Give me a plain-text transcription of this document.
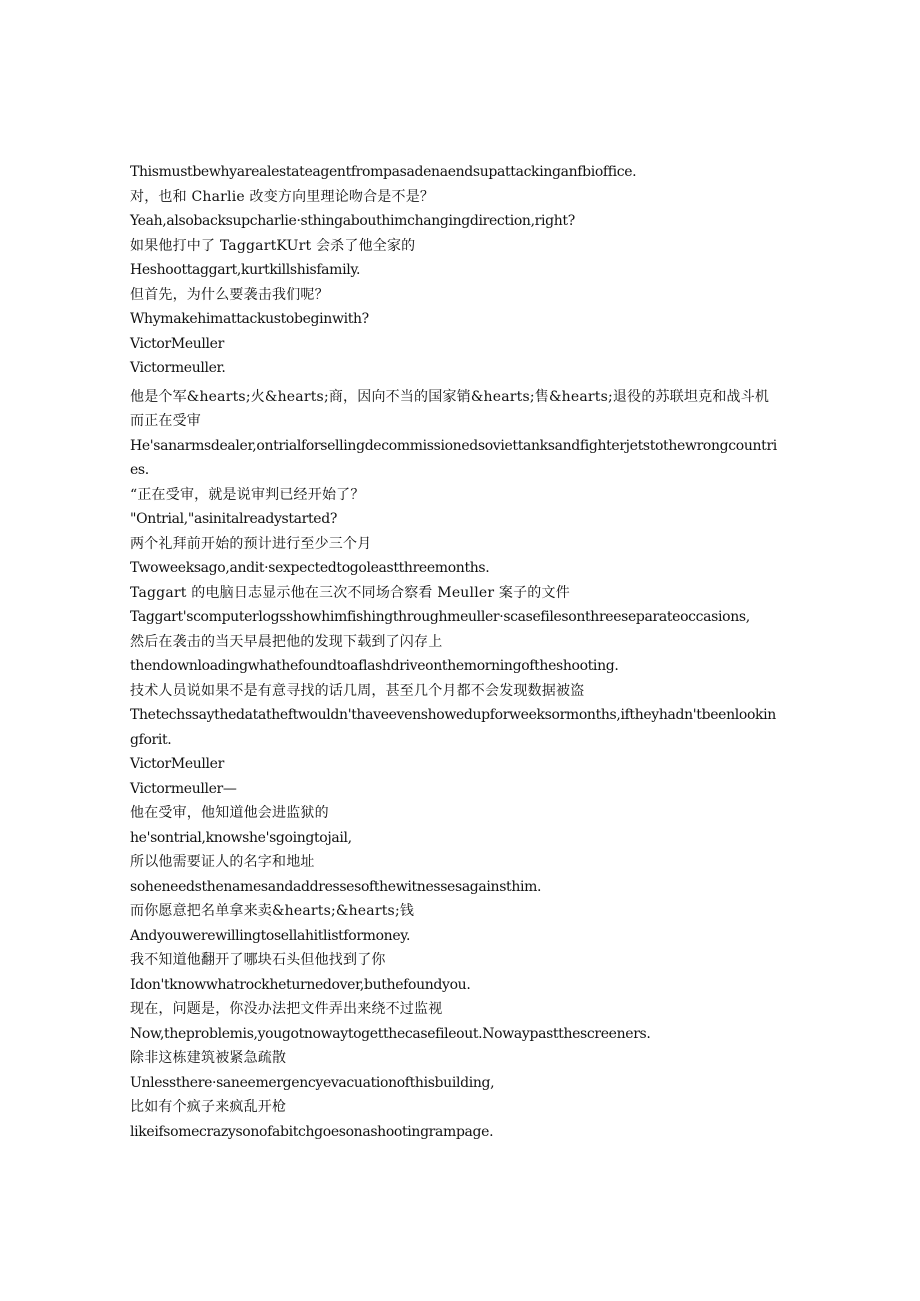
Thismustbewhyarealestateagentfrompasadenaendsupattackinganfbioffice.

对，也和 Charlie 改变方向里理论吻合是不是？

Yeah,alsobacksupcharlie·sthingabouthimchangingdirection,right?

如果他打中了 TaggartKUrt 会杀了他全家的

Heshoottaggart,kurtkillshisfamily.

但首先，为什么要袭击我们呢？

Whymakehimattackustobeginwith?

VictorMeuller

Victormeuller.

他是个军&hearts;火&hearts;商，因向不当的国家销&hearts;售&hearts;退役的苏联坦克和战斗机而正在受审

He'sanarmsdealer,ontrialforsellingdecommissionedsoviettanksandfighterjetstothewrongcountries.

“正在受审，就是说审判已经开始了？

"Ontrial,"asinitalreadystarted?

两个礼拜前开始的预计进行至少三个月

Twoweeksago,andit·sexpectedtogoleastthreemonths.

Taggart 的电脑日志显示他在三次不同场合察看 Meuller 案子的文件

Taggart'scomputerlogsshowhimfishingthroughmeuller·scasefilesonthreeseparateoccasions,

然后在袭击的当天早晨把他的发现下载到了闪存上

thendownloadingwhathefoundtoaflashdriveonthemorningoftheshooting.

技术人员说如果不是有意寻找的话几周，甚至几个月都不会发现数据被盗

Thetechssaythedatatheftwouldn'thaveevenshowedupforweeksormonths,iftheyhadn'tbeenlookingforit.

VictorMeuller

Victormeuller—

他在受审，他知道他会进监狱的

he'sontrial,knowshe'sgoingtojail,

所以他需要证人的名字和地址

soheneedsthenamesandaddressesofthewitnessesagainsthim.

而你愿意把名单拿来卖&hearts;&hearts;钱

Andyouwerewillingtosellahitlistformoney.

我不知道他翻开了哪块石头但他找到了你

Idon'tknowwhatrockheturnedover,buthefoundyou.

现在，问题是，你没办法把文件弄出来绕不过监视

Now,theproblemis,yougotnowaytogetthecasefileout.Nowaypastthescreeners.

除非这栋建筑被紧急疏散

Unlessthere·saneemergencyevacuationofthisbuilding,

比如有个疯子来疯乱开枪

likeifsomecrazysonofabitchgoesonashootingrampage.
